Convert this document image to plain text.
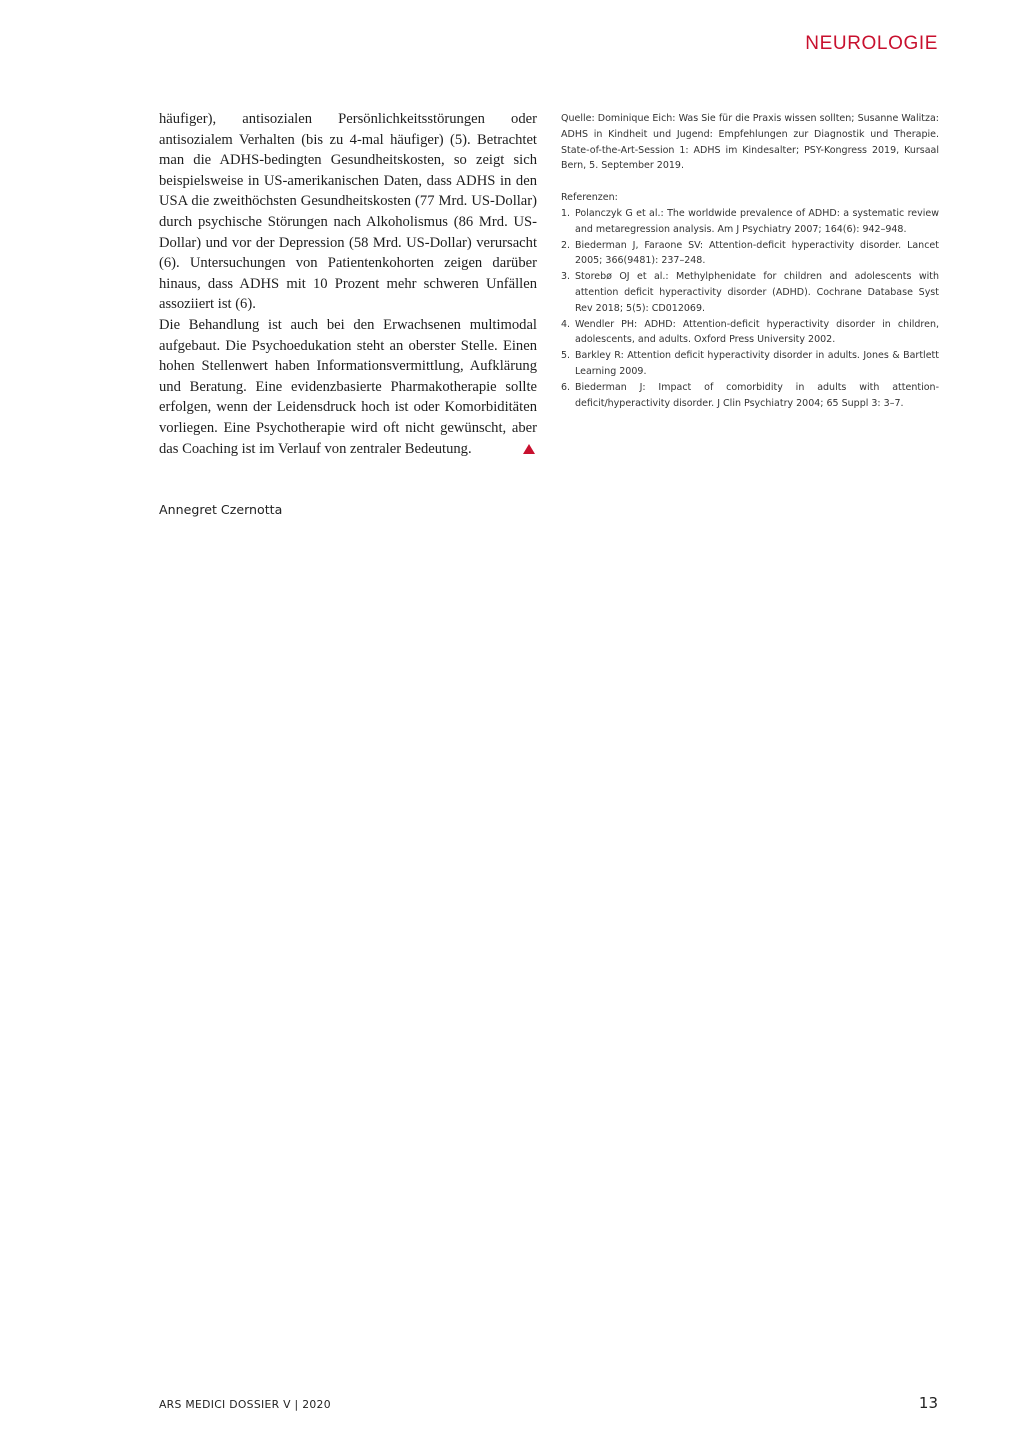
NEUROLOGIE

häufiger), antisozialen Persönlichkeitsstörungen oder antisozialem Verhalten (bis zu 4-mal häufiger) (5). Betrachtet man die ADHS-bedingten Gesundheitskosten, so zeigt sich beispielsweise in US-amerikanischen Daten, dass ADHS in den USA die zweithöchsten Gesundheitskosten (77 Mrd. US-Dollar) durch psychische Störungen nach Alkoholismus (86 Mrd. US-Dollar) und vor der Depression (58 Mrd. US-Dollar) verursacht (6). Untersuchungen von Patientenkohorten zeigen darüber hinaus, dass ADHS mit 10 Prozent mehr schweren Unfällen assoziiert ist (6).

Die Behandlung ist auch bei den Erwachsenen multimodal aufgebaut. Die Psychoedukation steht an oberster Stelle. Einen hohen Stellenwert haben Informationsvermittlung, Aufklärung und Beratung. Eine evidenzbasierte Pharmakotherapie sollte erfolgen, wenn der Leidensdruck hoch ist oder Komorbiditäten vorliegen. Eine Psychotherapie wird oft nicht gewünscht, aber das Coaching ist im Verlauf von zentraler Bedeutung.

Annegret Czernotta

Quelle: Dominique Eich: Was Sie für die Praxis wissen sollten; Susanne Walitza: ADHS in Kindheit und Jugend: Empfehlungen zur Diagnostik und Therapie. State-of-the-Art-Session 1: ADHS im Kindesalter; PSY-Kongress 2019, Kursaal Bern, 5. September 2019.

Referenzen:

1. Polanczyk G et al.: The worldwide prevalence of ADHD: a systematic review and metaregression analysis. Am J Psychiatry 2007; 164(6): 942–948.
2. Biederman J, Faraone SV: Attention-deficit hyperactivity disorder. Lancet 2005; 366(9481): 237–248.
3. Storebø OJ et al.: Methylphenidate for children and adolescents with attention deficit hyperactivity disorder (ADHD). Cochrane Database Syst Rev 2018; 5(5): CD012069.
4. Wendler PH: ADHD: Attention-deficit hyperactivity disorder in children, adolescents, and adults. Oxford Press University 2002.
5. Barkley R: Attention deficit hyperactivity disorder in adults. Jones & Bartlett Learning 2009.
6. Biederman J: Impact of comorbidity in adults with attention-deficit/hyperactivity disorder. J Clin Psychiatry 2004; 65 Suppl 3: 3–7.
ARS MEDICI DOSSIER V | 2020	13
